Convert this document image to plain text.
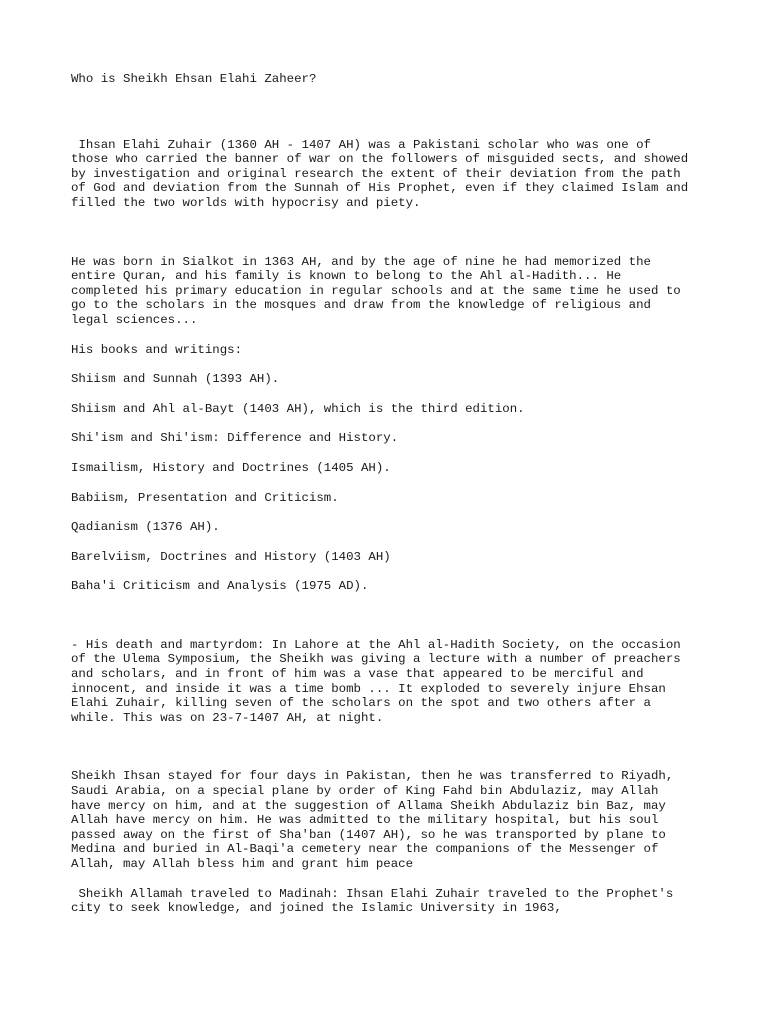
Who is Sheikh Ehsan Elahi Zaheer?

Ihsan Elahi Zuhair (1360 AH - 1407 AH) was a Pakistani scholar who was one of
those who carried the banner of war on the followers of misguided sects, and showed
by investigation and original research the extent of their deviation from the path
of God and deviation from the Sunnah of His Prophet, even if they claimed Islam and
filled the two worlds with hypocrisy and piety.

He was born in Sialkot in 1363 AH, and by the age of nine he had memorized the
entire Quran, and his family is known to belong to the Ahl al-Hadith... He
completed his primary education in regular schools and at the same time he used to
go to the scholars in the mosques and draw from the knowledge of religious and
legal sciences...

His books and writings:

Shiism and Sunnah (1393 AH).

Shiism and Ahl al-Bayt (1403 AH), which is the third edition.

Shi'ism and Shi'ism: Difference and History.

Ismailism, History and Doctrines (1405 AH).

Babiism, Presentation and Criticism.

Qadianism (1376 AH).

Barelviism, Doctrines and History (1403 AH)

Baha'i Criticism and Analysis (1975 AD).

- His death and martyrdom: In Lahore at the Ahl al-Hadith Society, on the occasion
of the Ulema Symposium, the Sheikh was giving a lecture with a number of preachers
and scholars, and in front of him was a vase that appeared to be merciful and
innocent, and inside it was a time bomb ... It exploded to severely injure Ehsan
Elahi Zuhair, killing seven of the scholars on the spot and two others after a
while. This was on 23-7-1407 AH, at night.

Sheikh Ihsan stayed for four days in Pakistan, then he was transferred to Riyadh,
Saudi Arabia, on a special plane by order of King Fahd bin Abdulaziz, may Allah
have mercy on him, and at the suggestion of Allama Sheikh Abdulaziz bin Baz, may
Allah have mercy on him. He was admitted to the military hospital, but his soul
passed away on the first of Sha'ban (1407 AH), so he was transported by plane to
Medina and buried in Al-Baqi'a cemetery near the companions of the Messenger of
Allah, may Allah bless him and grant him peace

Sheikh Allamah traveled to Madinah: Ihsan Elahi Zuhair traveled to the Prophet's
city to seek knowledge, and joined the Islamic University in 1963,
